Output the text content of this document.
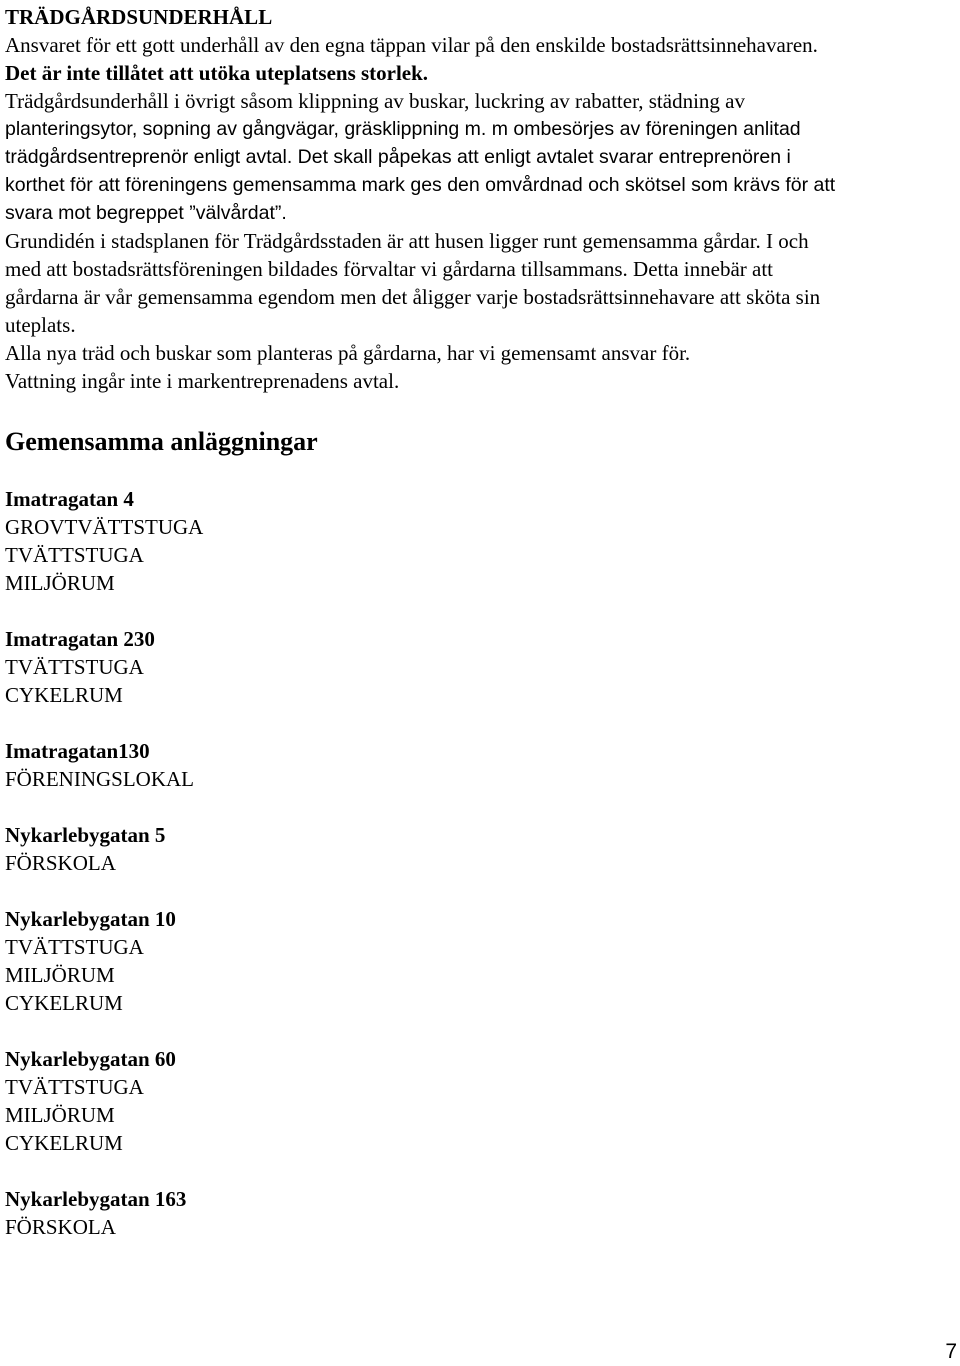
TRÄDGÅRDSUNDERHÅLL
Ansvaret för ett gott underhåll av den egna täppan vilar på den enskilde bostadsrättsinnehavaren.
Det är inte tillåtet att utöka uteplatsens storlek.
Trädgårdsunderhåll i övrigt såsom klippning av buskar, luckring av rabatter, städning av
planteringsytor, sopning av gångvägar, gräsklippning m. m ombesörjes av föreningen anlitad
trädgårdsentreprenör enligt avtal. Det skall påpekas att enligt avtalet svarar entreprenören i
korthet för att föreningens gemensamma mark ges den omvårdnad och skötsel som krävs för att
svara mot begreppet ”välvårdat”.
Grundidén i stadsplanen för Trädgårdsstaden är att husen ligger runt gemensamma gårdar. I och
med att bostadsrättsföreningen bildades förvaltar vi gårdarna tillsammans. Detta innebär att
gårdarna är vår gemensamma egendom men det åligger varje bostadsrättsinnehavare att sköta sin
uteplats.
Alla nya träd och buskar som planteras på gårdarna, har vi gemensamt ansvar för.
Vattning ingår inte i markentreprenadens avtal.
Gemensamma anläggningar
Imatragatan 4
GROVTVÄTTSTUGA
TVÄTTSTUGA
MILJÖRUM
Imatragatan 230
TVÄTTSTUGA
CYKELRUM
Imatragatan130
FÖRENINGSLOKAL
Nykarlebygatan 5
FÖRSKOLA
Nykarlebygatan 10
TVÄTTSTUGA
MILJÖRUM
CYKELRUM
Nykarlebygatan 60
TVÄTTSTUGA
MILJÖRUM
CYKELRUM
Nykarlebygatan 163
FÖRSKOLA
7
